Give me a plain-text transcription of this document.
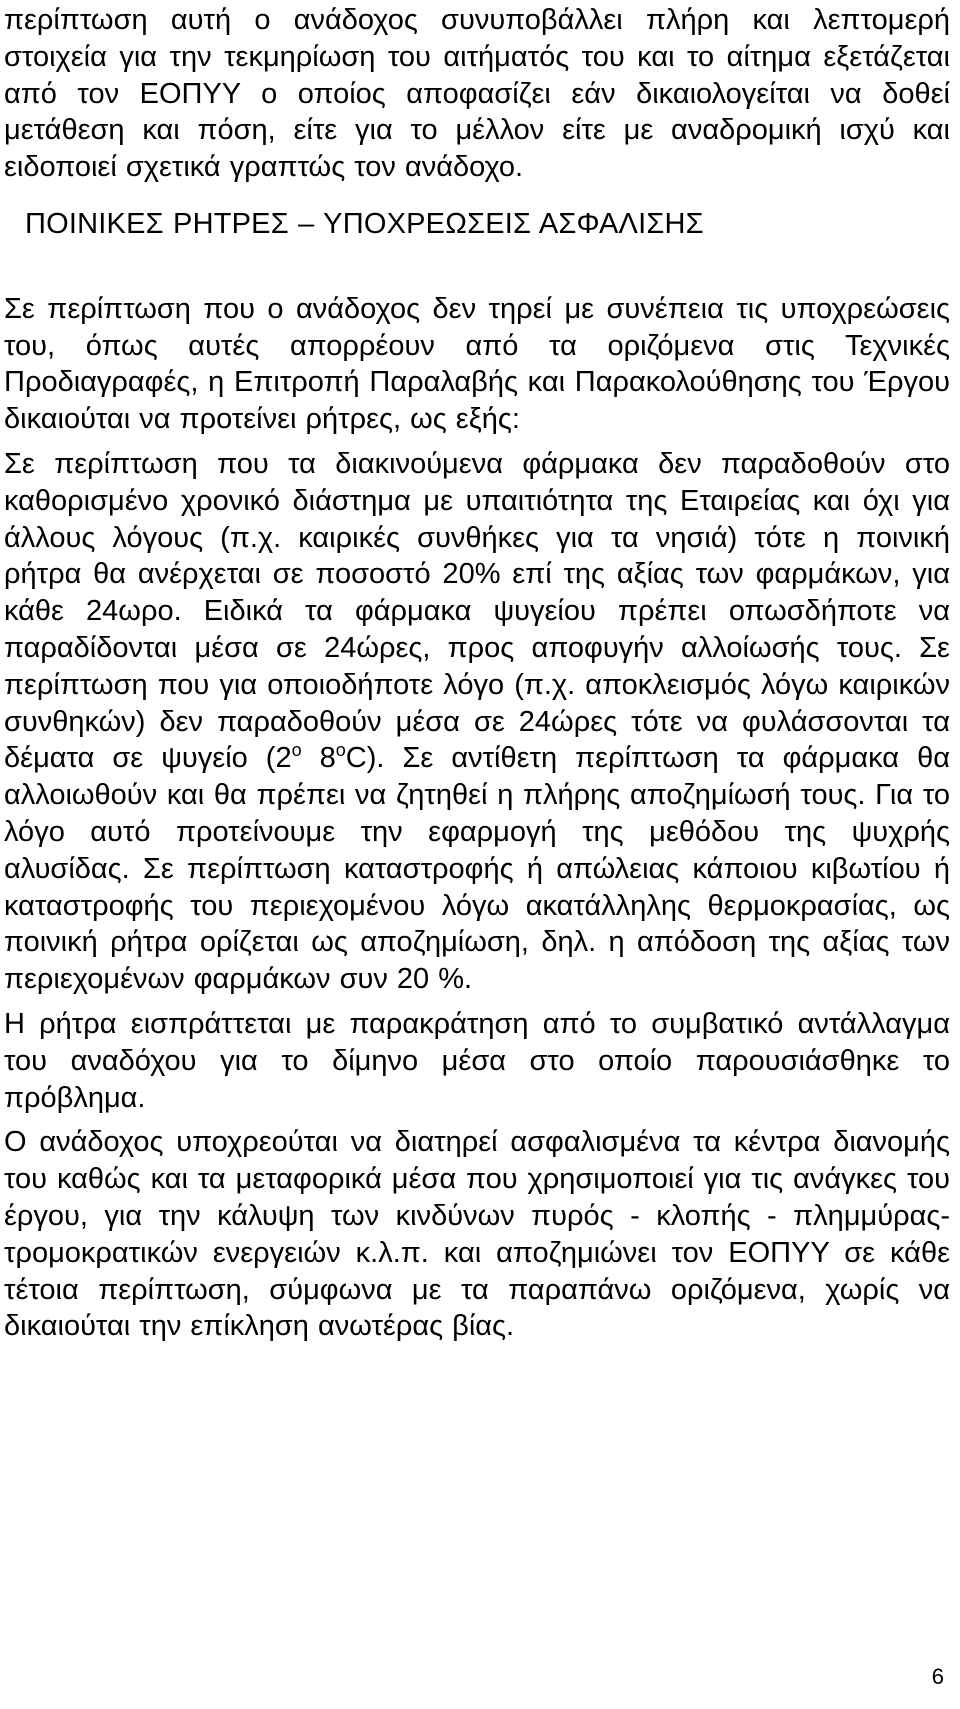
περίπτωση αυτή ο ανάδοχος συνυποβάλλει πλήρη και λεπτομερή στοιχεία για την τεκμηρίωση του αιτήματός του και το αίτημα εξετάζεται από τον ΕΟΠΥΥ ο οποίος αποφασίζει εάν δικαιολογείται να δοθεί μετάθεση και πόση, είτε για το μέλλον είτε με αναδρομική ισχύ και ειδοποιεί σχετικά γραπτώς τον ανάδοχο.

ΠΟΙΝΙΚΕΣ ΡΗΤΡΕΣ – ΥΠΟΧΡΕΩΣΕΙΣ ΑΣΦΑΛΙΣΗΣ

Σε περίπτωση που ο ανάδοχος δεν τηρεί με συνέπεια τις υποχρεώσεις του, όπως αυτές απορρέουν από τα οριζόμενα στις Τεχνικές Προδιαγραφές, η Επιτροπή Παραλαβής και Παρακολούθησης του Έργου δικαιούται να προτείνει ρήτρες, ως εξής:

Σε περίπτωση που τα διακινούμενα φάρμακα δεν παραδοθούν στο καθορισμένο χρονικό διάστημα με υπαιτιότητα της Εταιρείας και όχι για άλλους λόγους (π.χ. καιρικές συνθήκες για τα νησιά) τότε η ποινική ρήτρα θα ανέρχεται σε ποσοστό 20% επί της αξίας των φαρμάκων, για κάθε 24ωρο. Ειδικά τα φάρμακα ψυγείου πρέπει οπωσδήποτε να παραδίδονται μέσα σε 24ώρες, προς αποφυγήν αλλοίωσής τους. Σε περίπτωση που για οποιοδήποτε λόγο (π.χ. αποκλεισμός λόγω καιρικών συνθηκών) δεν παραδοθούν μέσα σε 24ώρες τότε να φυλάσσονται τα δέματα σε ψυγείο ($2^o$ $8^oC$). Σε αντίθετη περίπτωση τα φάρμακα θα αλλοιωθούν και θα πρέπει να ζητηθεί η πλήρης αποζημίωσή τους. Για το λόγο αυτό προτείνουμε την εφαρμογή της μεθόδου της ψυχρής αλυσίδας. Σε περίπτωση καταστροφής ή απώλειας κάποιου κιβωτίου ή καταστροφής του περιεχομένου λόγω ακατάλληλης θερμοκρασίας, ως ποινική ρήτρα ορίζεται ως αποζημίωση, δηλ. η απόδοση της αξίας των περιεχομένων φαρμάκων συν 20 %.

Η ρήτρα εισπράττεται με παρακράτηση από το συμβατικό αντάλλαγμα του αναδόχου για το δίμηνο μέσα στο οποίο παρουσιάσθηκε το πρόβλημα.

Ο ανάδοχος υποχρεούται να διατηρεί ασφαλισμένα τα κέντρα διανομής του καθώς και τα μεταφορικά μέσα που χρησιμοποιεί για τις ανάγκες του έργου, για την κάλυψη των κινδύνων πυρός - κλοπής - πλημμύρας- τρομοκρατικών ενεργειών κ.λ.π. και αποζημιώνει τον ΕΟΠΥΥ σε κάθε τέτοια περίπτωση, σύμφωνα με τα παραπάνω οριζόμενα, χωρίς να δικαιούται την επίκληση ανωτέρας βίας.

6
